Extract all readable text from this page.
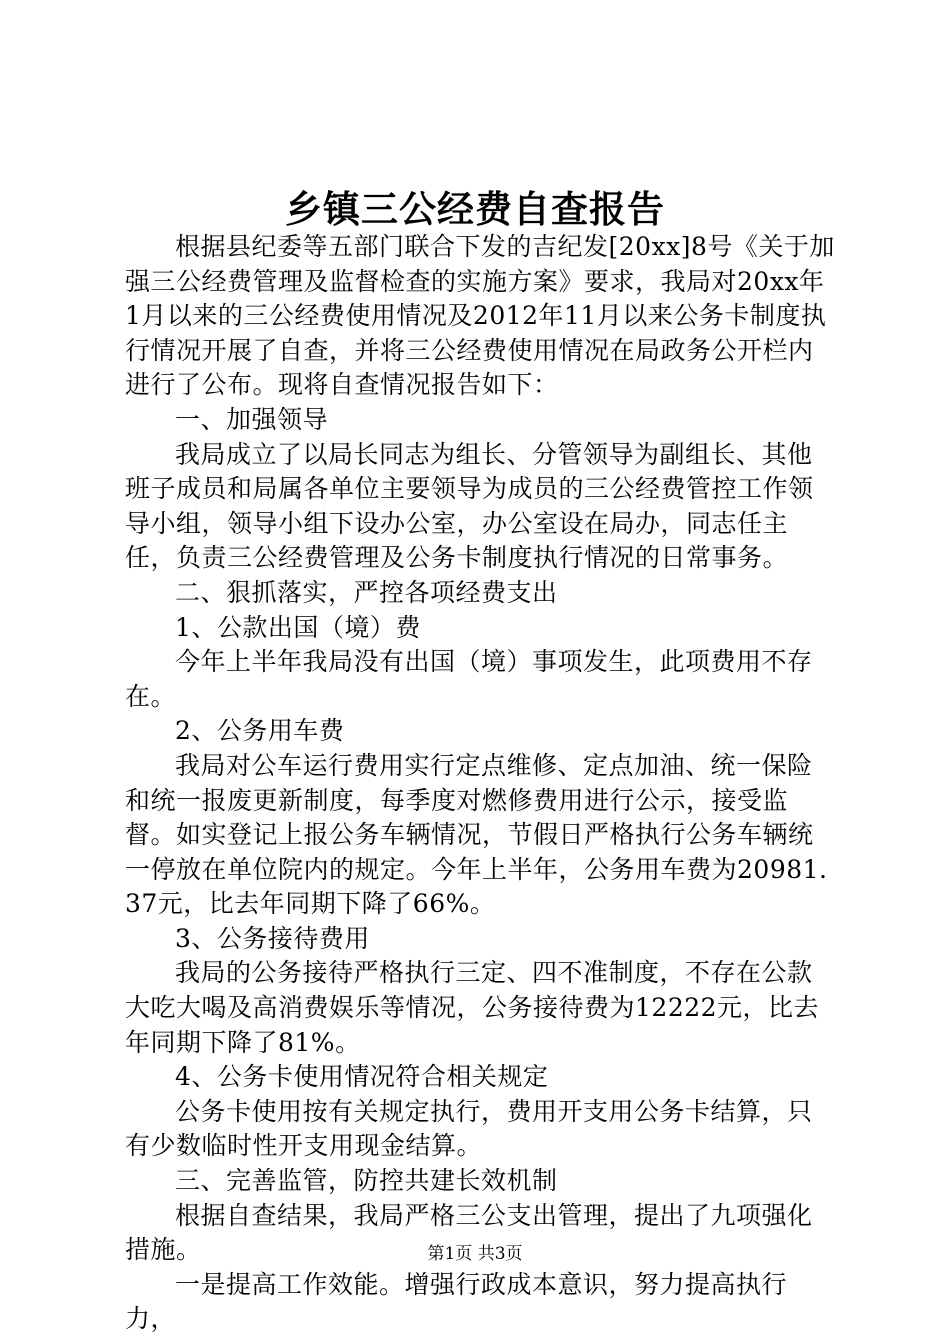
乡镇三公经费自查报告

根据县纪委等五部门联合下发的吉纪发[20xx]8号《关于加强三公经费管理及监督检查的实施方案》要求，我局对20xx年1月以来的三公经费使用情况及2012年11月以来公务卡制度执行情况开展了自查，并将三公经费使用情况在局政务公开栏内进行了公布。现将自查情况报告如下：

一、加强领导

我局成立了以局长同志为组长、分管领导为副组长、其他班子成员和局属各单位主要领导为成员的三公经费管控工作领导小组，领导小组下设办公室，办公室设在局办，同志任主任，负责三公经费管理及公务卡制度执行情况的日常事务。

二、狠抓落实，严控各项经费支出

1、公款出国（境）费

今年上半年我局没有出国（境）事项发生，此项费用不存在。

2、公务用车费

我局对公车运行费用实行定点维修、定点加油、统一保险和统一报废更新制度，每季度对燃修费用进行公示，接受监督。如实登记上报公务车辆情况，节假日严格执行公务车辆统一停放在单位院内的规定。今年上半年，公务用车费为20981.37元，比去年同期下降了66%。

3、公务接待费用

我局的公务接待严格执行三定、四不准制度，不存在公款大吃大喝及高消费娱乐等情况，公务接待费为12222元，比去年同期下降了81%。

4、公务卡使用情况符合相关规定

公务卡使用按有关规定执行，费用开支用公务卡结算，只有少数临时性开支用现金结算。

三、完善监管，防控共建长效机制

根据自查结果，我局严格三公支出管理，提出了九项强化措施。

一是提高工作效能。增强行政成本意识，努力提高执行力，

第1页 共3页
